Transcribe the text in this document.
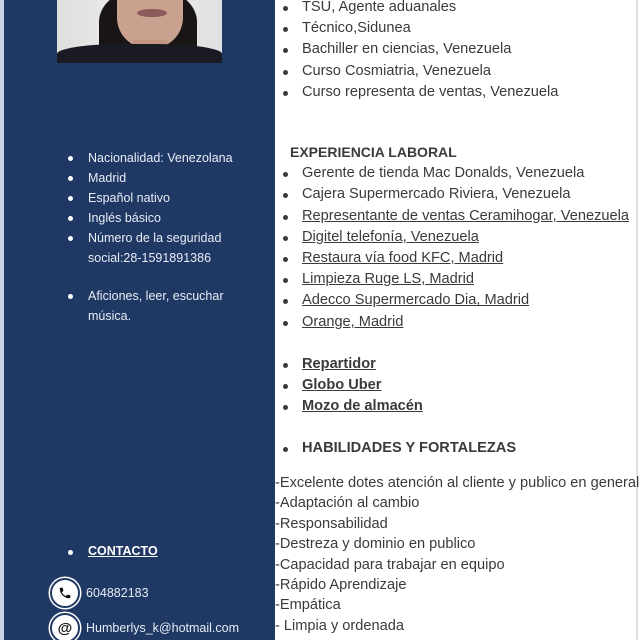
Nacionalidad: Venezolana
Madrid
Español nativo
Inglés básico
Número de la seguridad social:28-1591891386
Aficiones, leer, escuchar música.
CONTACTO
604882183
@	Humberlys_k@hotmail.com
TSU, Agente aduanales
Técnico,Sidunea
Bachiller en ciencias, Venezuela
Curso Cosmiatria, Venezuela
Curso representa de ventas, Venezuela
EXPERIENCIA LABORAL
Gerente de tienda Mac Donalds, Venezuela
Cajera Supermercado Riviera, Venezuela
Representante de ventas Ceramihogar, Venezuela
Digitel telefonía, Venezuela
Restaura vía food KFC, Madrid
Limpieza Ruge LS, Madrid
Adecco Supermercado Dia, Madrid
Orange, Madrid
Repartidor
Globo Uber
Mozo de almacén
HABILIDADES Y FORTALEZAS
-Excelente dotes atención al cliente y publico en general
-Adaptación al cambio
-Responsabilidad
-Destreza y dominio en publico
-Capacidad para trabajar en equipo
-Rápido Aprendizaje
-Empática
- Limpia y ordenada
